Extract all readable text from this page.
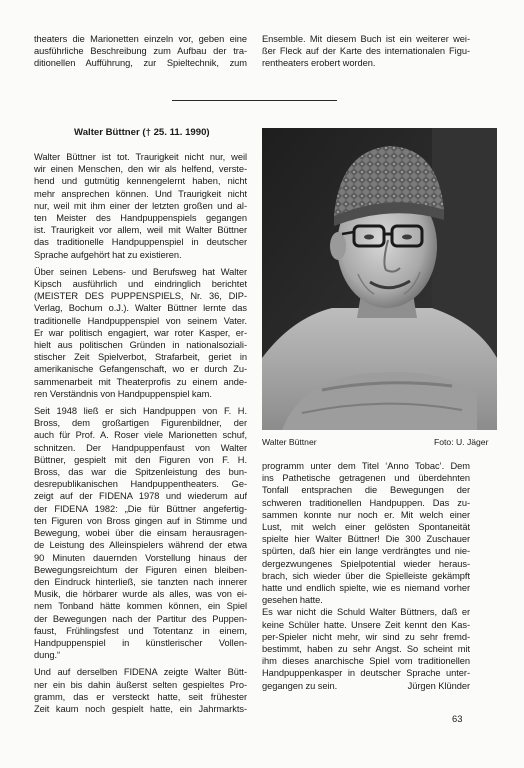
theaters die Marionetten einzeln vor, geben eine
ausführliche Beschreibung zum Aufbau der tra-
ditionellen Aufführung, zur Spieltechnik, zum

Ensemble. Mit diesem Buch ist ein weiterer wei-
ßer Fleck auf der Karte des internationalen Figu-
rentheaters erobert worden.

Walter Büttner († 25. 11. 1990)

Walter Büttner ist tot. Traurigkeit nicht nur, weil
wir einen Menschen, den wir als helfend, verste-
hend und gutmütig kennengelernt haben, nicht
mehr ansprechen können. Und Traurigkeit nicht
nur, weil mit ihm einer der letzten großen und al-
ten Meister des Handpuppenspiels gegangen
ist. Traurigkeit vor allem, weil mit Walter Büttner
das traditionelle Handpuppenspiel in deutscher
Sprache aufgehört hat zu existieren.

Über seinen Lebens- und Berufsweg hat Walter
Kipsch ausführlich und eindringlich berichtet
(MEISTER DES PUPPENSPIELS, Nr. 36, DIP-
Verlag, Bochum o.J.). Walter Büttner lernte das
traditionelle Handpuppenspiel von seinem Vater.
Er war politisch engagiert, war roter Kasper, er-
hielt aus politischen Gründen in nationalsoziali-
stischer Zeit Spielverbot, Strafarbeit, geriet in
amerikanische Gefangenschaft, wo er durch Zu-
sammenarbeit mit Theaterprofis zu einem ande-
ren Verständnis von Handpuppenspiel kam.

Seit 1948 ließ er sich Handpuppen von F. H.
Bross, dem großartigen Figurenbildner, der
auch für Prof. A. Roser viele Marionetten schuf,
schnitzen. Der Handpuppenfaust von Walter
Büttner, gespielt mit den Figuren von F. H.
Bross, das war die Spitzenleistung des bun-
desrepublikanischen Handpuppentheaters. Ge-
zeigt auf der FIDENA 1978 und wiederum auf
der FIDENA 1982: „Die für Büttner angefertig-
ten Figuren von Bross gingen auf in Stimme und
Bewegung, wobei über die einsam herausragen-
de Leistung des Alleinspielers während der etwa
90 Minuten dauernden Vorstellung hinaus der
Bewegungsreichtum der Figuren einen bleiben-
den Eindruck hinterließ, sie tanzten nach innerer
Musik, die hörbarer wurde als alles, was von ei-
nem Tonband hätte kommen können, ein Spiel
der Bewegungen nach der Partitur des Puppen-
faust, Frühlingsfest und Totentanz in einem,
Handpuppenspiel in künstlerischer Vollen-
dung.“

Und auf derselben FIDENA zeigte Walter Bütt-
ner ein bis dahin äußerst selten gespieltes Pro-
gramm, das er versteckt hatte, seit frühester
Zeit kaum noch gespielt hatte, ein Jahrmarkts-

Walter Büttner	Foto: U. Jäger

programm unter dem Titel ‘Anno Tobac’. Dem
ins Pathetische getragenen und überdehnten
Tonfall entsprachen die Bewegungen der
schweren traditionellen Handpuppen. Das zu-
sammen konnte nur noch er. Mit welch einer
Lust, mit welch einer gelösten Spontaneität
spielte hier Walter Büttner! Die 300 Zuschauer
spürten, daß hier ein lange verdrängtes und nie-
dergezwungenes Spielpotential wieder heraus-
brach, sich wieder über die Spielleiste gekämpft
hatte und endlich spielte, wie es niemand vorher
gesehen hatte.

Es war nicht die Schuld Walter Büttners, daß er
keine Schüler hatte. Unsere Zeit kennt den Kas-
per-Spieler nicht mehr, wir sind zu sehr fremd-
bestimmt, haben zu sehr Angst. So scheint mit
ihm dieses anarchische Spiel vom traditionellen
Handpuppenkasper in deutscher Sprache unter-
gegangen zu sein.	Jürgen Klünder

63
